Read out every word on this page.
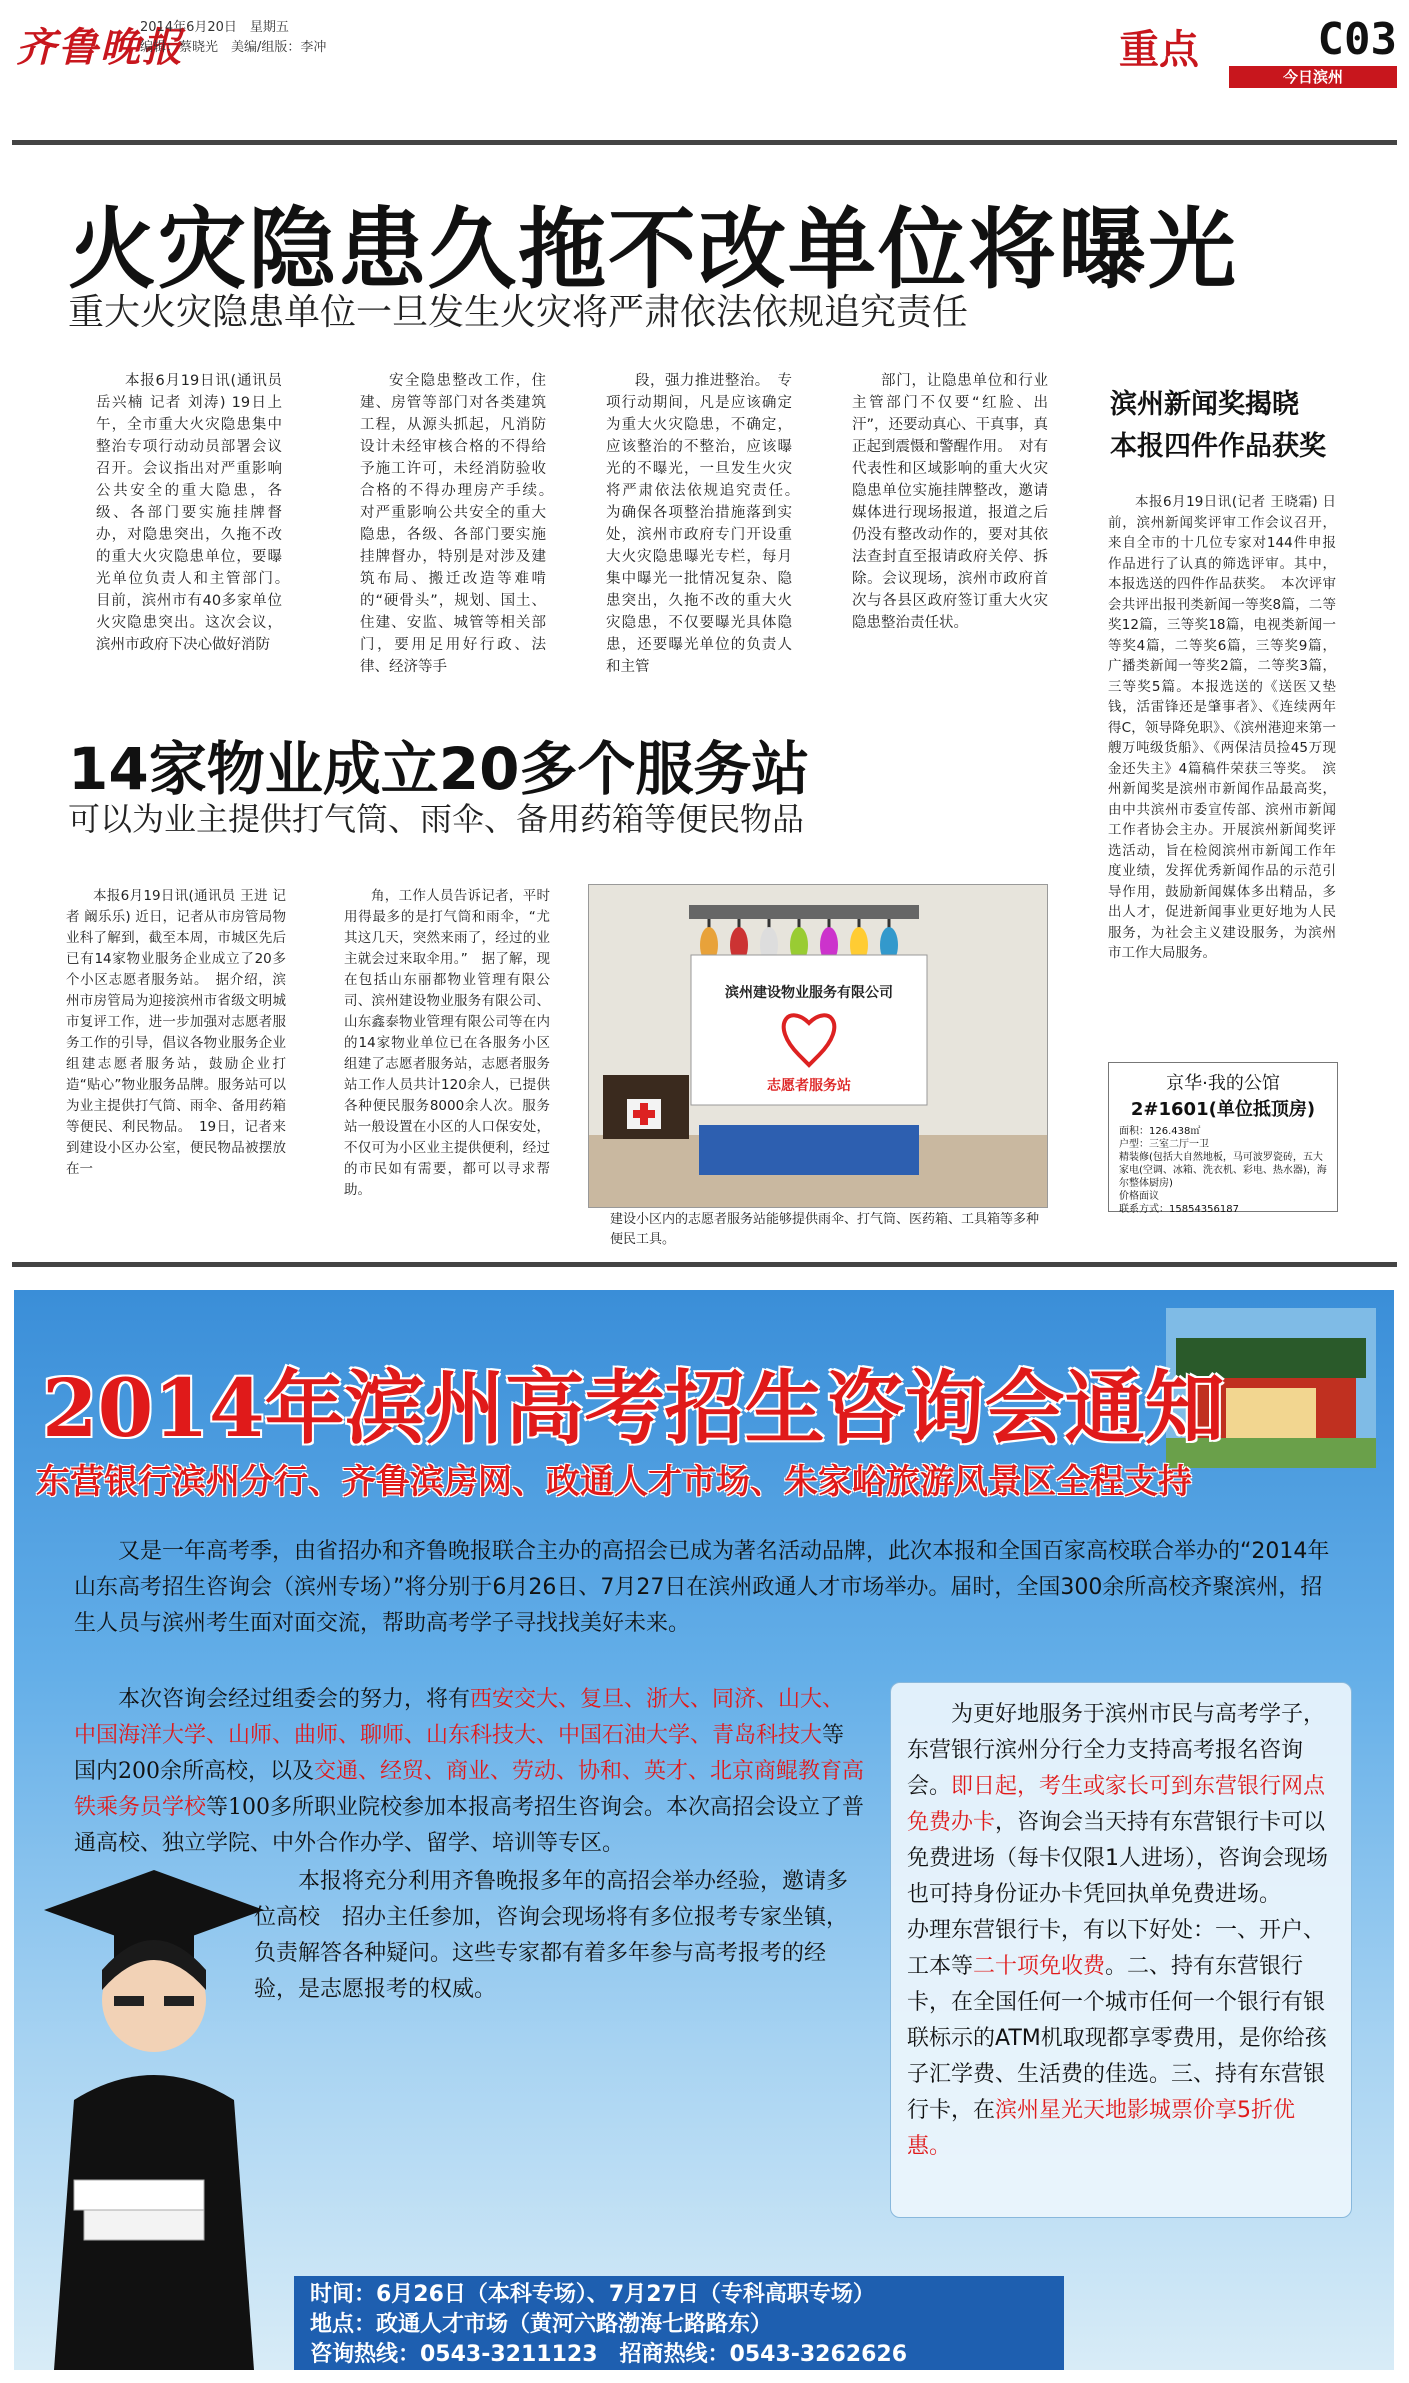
齐鲁晚报
2014年6月20日　星期五
编辑：蔡晓光　美编/组版：李冲	重点	C03
今日滨州
火灾隐患久拖不改单位将曝光
重大火灾隐患单位一旦发生火灾将严肃依法依规追究责任

本报6月19日讯(通讯员 岳兴楠 记者 刘涛) 19日上午，全市重大火灾隐患集中整治专项行动动员部署会议召开。会议指出对严重影响公共安全的重大隐患，各级、各部门要实施挂牌督办，对隐患突出，久拖不改的重大火灾隐患单位，要曝光单位负责人和主管部门。　目前，滨州市有40多家单位火灾隐患突出。这次会议，滨州市政府下决心做好消防

安全隐患整改工作，住建、房管等部门对各类建筑工程，从源头抓起，凡消防设计未经审核合格的不得给予施工许可，未经消防验收合格的不得办理房产手续。　对严重影响公共安全的重大隐患，各级、各部门要实施挂牌督办，特别是对涉及建筑布局、搬迁改造等难啃的“硬骨头”，规划、国土、住建、安监、城管等相关部门，要用足用好行政、法律、经济等手

段，强力推进整治。　专项行动期间，凡是应该确定为重大火灾隐患，不确定，应该整治的不整治，应该曝光的不曝光，一旦发生火灾将严肃依法依规追究责任。　为确保各项整治措施落到实处，滨州市政府专门开设重大火灾隐患曝光专栏，每月集中曝光一批情况复杂、隐患突出，久拖不改的重大火灾隐患，不仅要曝光具体隐患，还要曝光单位的负责人和主管

部门，让隐患单位和行业主管部门不仅要“红脸、出汗”，还要动真心、干真事，真正起到震慑和警醒作用。　对有代表性和区域影响的重大火灾隐患单位实施挂牌整改，邀请媒体进行现场报道，报道之后仍没有整改动作的，要对其依法查封直至报请政府关停、拆除。会议现场，滨州市政府首次与各县区政府签订重大火灾隐患整治责任状。

14家物业成立20多个服务站
可以为业主提供打气筒、雨伞、备用药箱等便民物品

本报6月19日讯(通讯员 王进 记者 阚乐乐) 近日，记者从市房管局物业科了解到，截至本周，市城区先后已有14家物业服务企业成立了20多个小区志愿者服务站。　据介绍，滨州市房管局为迎接滨州市省级文明城市复评工作，进一步加强对志愿者服务工作的引导，倡议各物业服务企业组建志愿者服务站，鼓励企业打造“贴心”物业服务品牌。服务站可以为业主提供打气筒、雨伞、备用药箱等便民、利民物品。　19日，记者来到建设小区办公室，便民物品被摆放在一

角，工作人员告诉记者，平时用得最多的是打气筒和雨伞，“尤其这几天，突然来雨了，经过的业主就会过来取伞用。”　据了解，现在包括山东丽都物业管理有限公司、滨州建设物业服务有限公司、山东鑫泰物业管理有限公司等在内的14家物业单位已在各服务小区组建了志愿者服务站，志愿者服务站工作人员共计120余人，已提供各种便民服务8000余人次。服务站一般设置在小区的人口保安处，不仅可为小区业主提供便利，经过的市民如有需要，都可以寻求帮助。

滨州建设物业服务有限公司
志愿者服务站
建设小区内的志愿者服务站能够提供雨伞、打气筒、医药箱、工具箱等多种便民工具。
滨州新闻奖揭晓
本报四件作品获奖

本报6月19日讯(记者 王晓霜) 日前，滨州新闻奖评审工作会议召开，来自全市的十几位专家对144件申报作品进行了认真的筛选评审。其中，本报选送的四件作品获奖。　本次评审会共评出报刊类新闻一等奖8篇，二等奖12篇，三等奖18篇，电视类新闻一等奖4篇，二等奖6篇，三等奖9篇，广播类新闻一等奖2篇，二等奖3篇，三等奖5篇。本报选送的《送医又垫钱，活雷锋还是肇事者》、《连续两年得C，领导降免职》、《滨州港迎来第一艘万吨级货船》、《两保洁员捡45万现金还失主》4篇稿件荣获三等奖。　滨州新闻奖是滨州市新闻作品最高奖，由中共滨州市委宣传部、滨州市新闻工作者协会主办。开展滨州新闻奖评选活动，旨在检阅滨州市新闻工作年度业绩，发挥优秀新闻作品的示范引导作用，鼓励新闻媒体多出精品，多出人才，促进新闻事业更好地为人民服务，为社会主义建设服务，为滨州市工作大局服务。

京华·我的公馆
2#1601(单位抵顶房)
面积：126.438㎡
户型：三室二厅一卫
精装修(包括大自然地板，马可波罗瓷砖，五大家电(空调、冰箱、洗衣机、彩电、热水器)，海尔整体厨房)
价格面议
联系方式：15854356187
2014年滨州高考招生咨询会通知
东营银行滨州分行、齐鲁滨房网、政通人才市场、朱家峪旅游风景区全程支持
又是一年高考季，由省招办和齐鲁晚报联合主办的高招会已成为著名活动品牌，此次本报和全国百家高校联合举办的“2014年山东高考招生咨询会（滨州专场）”将分别于6月26日、7月27日在滨州政通人才市场举办。届时，全国300余所高校齐聚滨州，招生人员与滨州考生面对面交流，帮助高考学子寻找找美好未来。
本次咨询会经过组委会的努力，将有西安交大、复旦、浙大、同济、山大、中国海洋大学、山师、曲师、聊师、山东科技大、中国石油大学、青岛科技大等国内200余所高校，以及交通、经贸、商业、劳动、协和、英才、北京商鲲教育高铁乘务员学校等100多所职业院校参加本报高考招生咨询会。本次高招会设立了普通高校、独立学院、中外合作办学、留学、培训等专区。
本报将充分利用齐鲁晚报多年的高招会举办经验，邀请多位高校　招办主任参加，咨询会现场将有多位报考专家坐镇，负责解答各种疑问。这些专家都有着多年参与高考报考的经验，是志愿报考的权威。
为更好地服务于滨州市民与高考学子，东营银行滨州分行全力支持高考报名咨询会。即日起，考生或家长可到东营银行网点免费办卡，咨询会当天持有东营银行卡可以免费进场（每卡仅限1人进场），咨询会现场也可持身份证办卡凭回执单免费进场。
办理东营银行卡，有以下好处：一、开户、工本等二十项免收费。二、持有东营银行卡，在全国任何一个城市任何一个银行有银联标示的ATM机取现都享零费用，是你给孩子汇学费、生活费的佳选。三、持有东营银行卡，在滨州星光天地影城票价享5折优惠。
时间：6月26日（本科专场）、7月27日（专科高职专场）
地点：政通人才市场（黄河六路渤海七路路东）
咨询热线：0543-3211123　招商热线：0543-3262626
